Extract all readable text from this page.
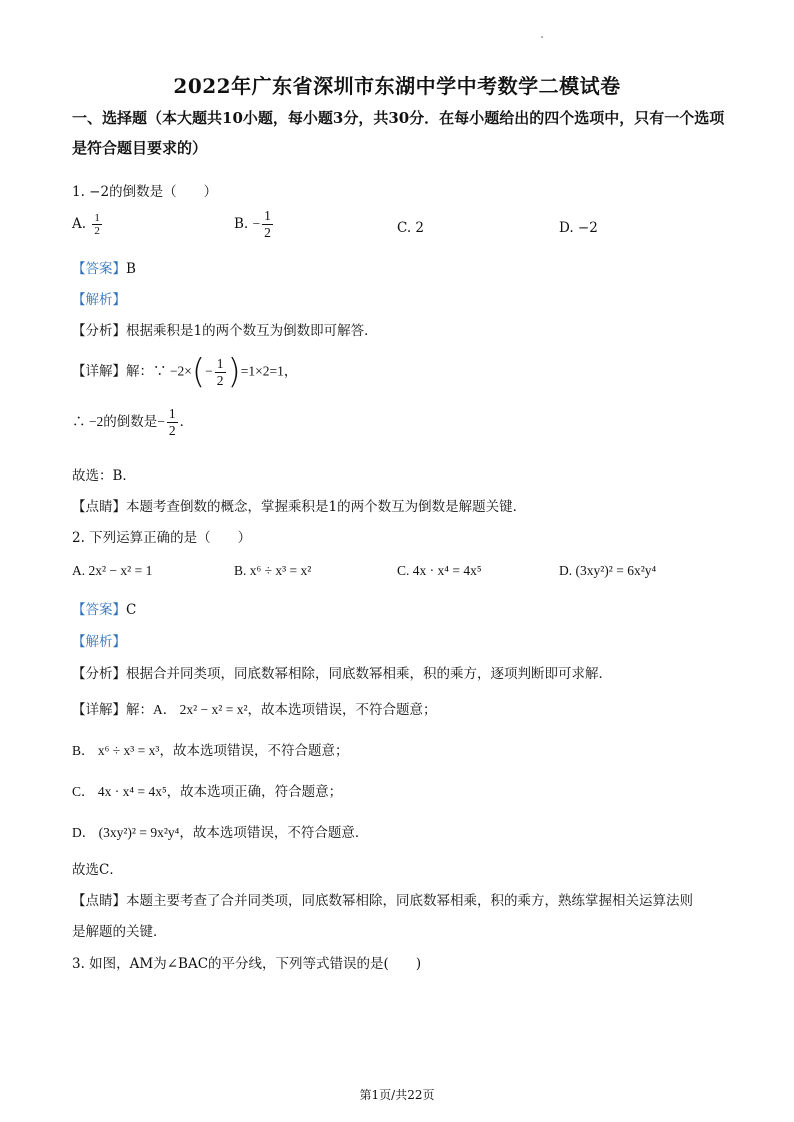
2022年广东省深圳市东湖中学中考数学二模试卷
一、选择题（本大题共10小题，每小题3分，共30分．在每小题给出的四个选项中，只有一个选项是符合题目要求的）
1. −2的倒数是（　　）
A. $\frac{1}{2}$	B. − $\frac{1}{2}$	C. 2	D. −2
【答案】B
【解析】
【分析】根据乘积是1的两个数互为倒数即可解答．
【详解】解：∵ $-2\times(- \frac{1}{2} )=1\times 2=1$，
∴ −2的倒数是− $\frac{1}{2}$ ．
故选：B．
【点睛】本题考查倒数的概念，掌握乘积是1的两个数互为倒数是解题关键．
2. 下列运算正确的是（　　）
A. 2x² − x² = 1	B. x⁶ ÷ x³ = x²	C. 4x · x⁴ = 4x⁵	D. (3xy²)² = 6x²y⁴
【答案】C
【解析】
【分析】根据合并同类项，同底数幂相除，同底数幂相乘，积的乘方，逐项判断即可求解．
【详解】解：A． 2x² − x² = x²，故本选项错误，不符合题意；
B． x⁶ ÷ x³ = x³，故本选项错误，不符合题意；
C． 4x · x⁴ = 4x⁵，故本选项正确，符合题意；
D． (3xy²)² = 9x²y⁴，故本选项错误，不符合题意．
故选C．
【点睛】本题主要考查了合并同类项，同底数幂相除，同底数幂相乘，积的乘方，熟练掌握相关运算法则
是解题的关键．
3. 如图，AM为∠BAC的平分线，下列等式错误的是(　　)
第1页/共22页
